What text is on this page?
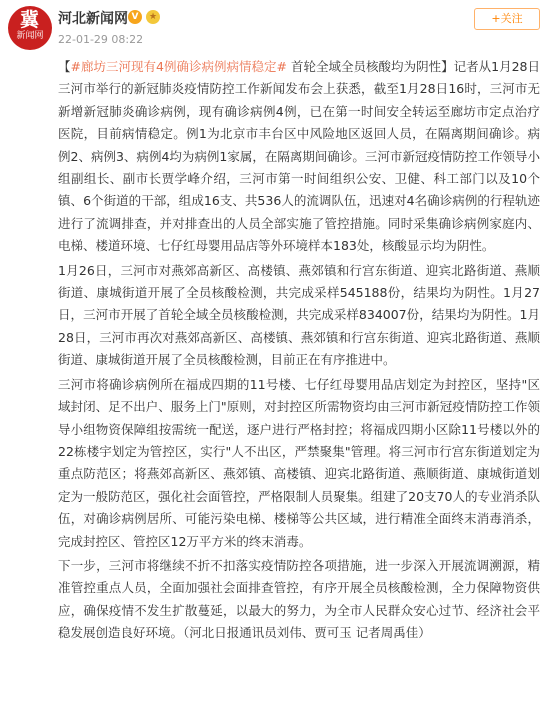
冀
新闻网
河北新闻网 V	★
22-01-29 08:22
+关注

【#廊坊三河现有4例确诊病例病情稳定# 首轮全域全员核酸均为阴性】记者从1月28日三河市举行的新冠肺炎疫情防控工作新闻发布会上获悉，截至1月28日16时，三河市无新增新冠肺炎确诊病例，现有确诊病例4例，已在第一时间安全转运至廊坊市定点治疗医院，目前病情稳定。例1为北京市丰台区中风险地区返回人员，在隔离期间确诊。病例2、病例3、病例4均为病例1家属，在隔离期间确诊。三河市新冠疫情防控工作领导小组副组长、副市长贾学峰介绍，三河市第一时间组织公安、卫健、科工部门以及10个镇、6个街道的干部，组成16支、共536人的流调队伍，迅速对4名确诊病例的行程轨迹进行了流调排查，并对排查出的人员全部实施了管控措施。同时采集确诊病例家庭内、电梯、楼道环境、七仔红母婴用品店等外环境样本183处，核酸显示均为阴性。

1月26日，三河市对燕郊高新区、高楼镇、燕郊镇和行宫东街道、迎宾北路街道、燕顺街道、康城街道开展了全员核酸检测，共完成采样545188份，结果均为阴性。1月27日，三河市开展了首轮全域全员核酸检测，共完成采样834007份，结果均为阴性。1月28日，三河市再次对燕郊高新区、高楼镇、燕郊镇和行宫东街道、迎宾北路街道、燕顺街道、康城街道开展了全员核酸检测，目前正在有序推进中。

三河市将确诊病例所在福成四期的11号楼、七仔红母婴用品店划定为封控区，坚持"区域封闭、足不出户、服务上门"原则，对封控区所需物资均由三河市新冠疫情防控工作领导小组物资保障组按需统一配送，逐户进行严格封控；将福成四期小区除11号楼以外的22栋楼宇划定为管控区，实行"人不出区，严禁聚集"管理。将三河市行宫东街道划定为重点防范区；将燕郊高新区、燕郊镇、高楼镇、迎宾北路街道、燕顺街道、康城街道划定为一般防范区，强化社会面管控，严格限制人员聚集。组建了20支70人的专业消杀队伍，对确诊病例居所、可能污染电梯、楼梯等公共区域，进行精准全面终末消毒消杀，完成封控区、管控区12万平方米的终末消毒。

下一步，三河市将继续不折不扣落实疫情防控各项措施，进一步深入开展流调溯源，精准管控重点人员，全面加强社会面排查管控，有序开展全员核酸检测，全力保障物资供应，确保疫情不发生扩散蔓延，以最大的努力，为全市人民群众安心过节、经济社会平稳发展创造良好环境。（河北日报通讯员刘伟、贾可玉 记者周禹佳）
